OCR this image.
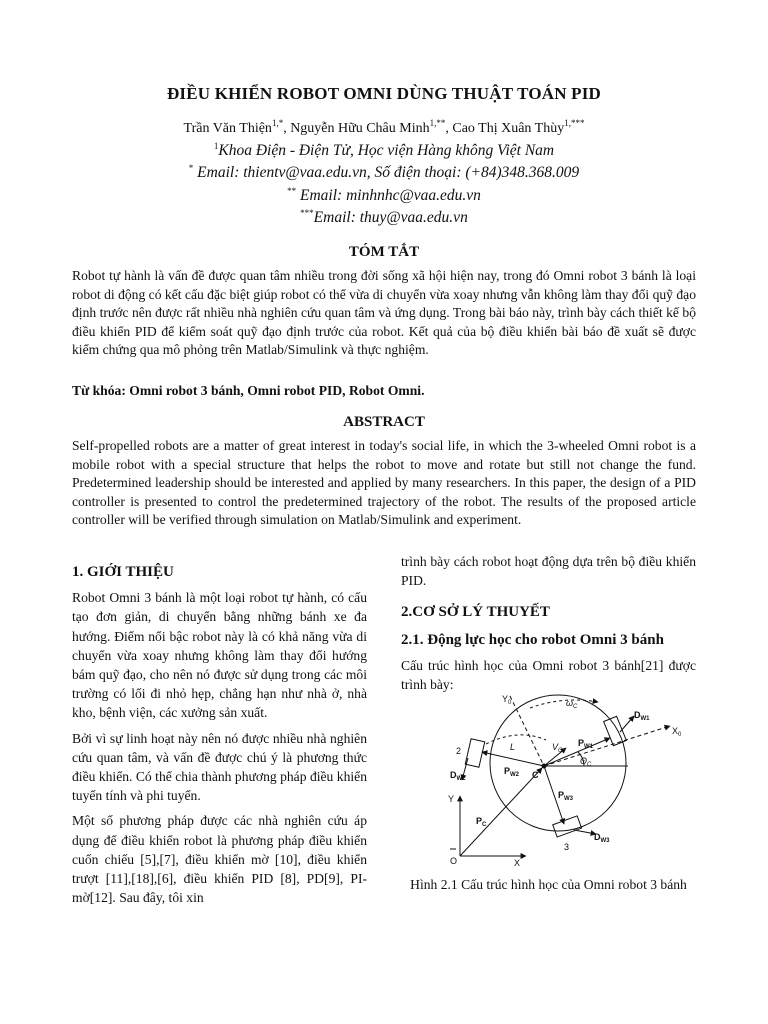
ĐIỀU KHIỂN ROBOT OMNI DÙNG THUẬT TOÁN PID
Trần Văn Thiện$^{1,*}$, Nguyễn Hữu Châu Minh$^{1,**}$, Cao Thị Xuân Thùy$^{1,***}$
$^1$Khoa Điện - Điện Tử, Học viện Hàng không Việt Nam
* Email: thientv@vaa.edu.vn, Số điện thoại: (+84)348.368.009
** Email: minhnhc@vaa.edu.vn
***Email: thuy@vaa.edu.vn
TÓM TẮT
Robot tự hành là vấn đề được quan tâm nhiều trong đời sống xã hội hiện nay, trong đó Omni robot 3 bánh là loại robot di động có kết cấu đặc biệt giúp robot có thể vừa di chuyển vừa xoay nhưng vẫn không làm thay đổi quỹ đạo định trước nên được rất nhiều nhà nghiên cứu quan tâm và ứng dụng. Trong bài báo này, trình bày cách thiết kế bộ điều khiển PID để kiểm soát quỹ đạo định trước của robot. Kết quả của bộ điều khiển bài báo đề xuất sẽ được kiểm chứng qua mô phỏng trên Matlab/Simulink và thực nghiệm.
Từ khóa: Omni robot 3 bánh, Omni robot PID, Robot Omni.
ABSTRACT
Self-propelled robots are a matter of great interest in today's social life, in which the 3-wheeled Omni robot is a mobile robot with a special structure that helps the robot to move and rotate but still not change the fund. Predetermined leadership should be interested and applied by many researchers. In this paper, the design of a PID controller is presented to control the predetermined trajectory of the robot. The results of the proposed article controller will be verified through simulation on Matlab/Simulink and experiment.
1. GIỚI THIỆU
Robot Omni 3 bánh là một loại robot tự hành, có cấu tạo đơn giản, di chuyển bằng những bánh xe đa hướng. Điểm nổi bậc robot này là có khả năng vừa di chuyển vừa xoay nhưng không làm thay đổi hướng bám quỹ đạo, cho nên nó được sử dụng trong các môi trường có lối đi nhỏ hẹp, chẳng hạn như nhà ở, nhà kho, bệnh viện, các xưởng sản xuất.
Bởi vì sự linh hoạt này nên nó được nhiều nhà nghiên cứu quan tâm, và vấn đề được chú ý là phương thức điều khiển. Có thể chia thành phương pháp điều khiển tuyến tính và phi tuyến.
Một số phương pháp được các nhà nghiên cứu áp dụng để điều khiển robot là phương pháp điều khiển cuốn chiếu [5],[7], điều khiển mờ [10], điều khiển trượt [11],[18],[6], điều khiển PID [8], PD[9], PI-mờ[12]. Sau đây, tôi xin
trình bày cách robot hoạt động dựa trên bộ điều khiển PID.
2.CƠ SỞ LÝ THUYẾT
2.1. Động lực học cho robot Omni 3 bánh
Cấu trúc hình học của Omni robot 3 bánh[21] được trình bày:
$Y_0$
$X_0$
$\omega_C$
$D_{W1}$
$P_{W1}$
2	L	$V_C$
$D_{W2}$
$P_{W2}$ C
$\Theta_C$
$P_{W3}$
Y
$P_C$
$D_{W3}$
3
O	X
Hình 2.1 Cấu trúc hình học của Omni robot 3 bánh
